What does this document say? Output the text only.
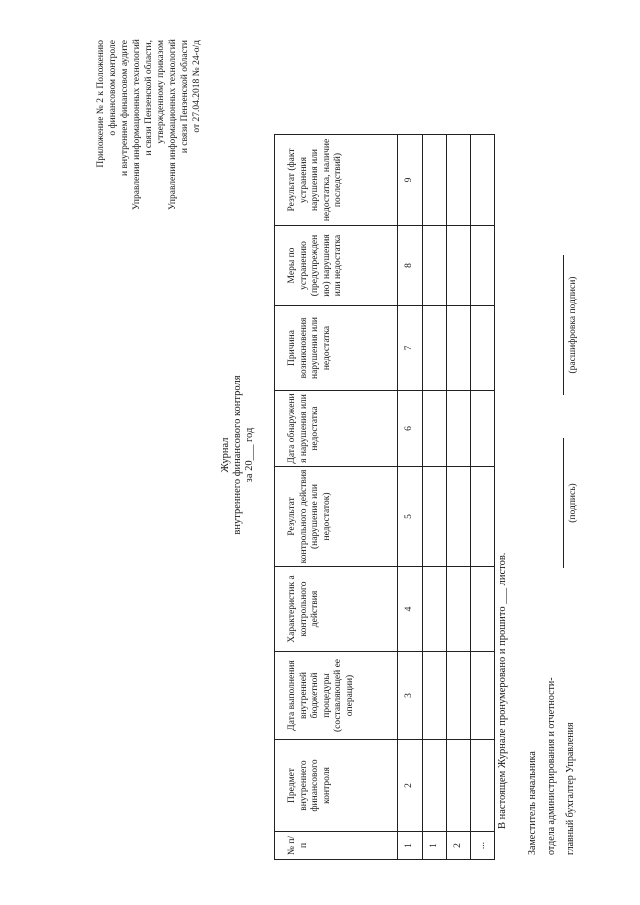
Приложение № 2 к Положению о финансовом контроле и внутреннем финансовом аудите Управления информационных технологий и связи Пензенской области, утвержденному приказом Управления информационных технологий и связи Пензенской области от 27.04.2018 № 24-о/д
Журнал внутреннего финансового контроля за 20___ год
№ п/п	Предмет внутреннего финансового контроля	Дата выполнения внутренней бюджетной процедуры (составляющей ее операции)	Характеристик а контрольного действия	Результат контрольного действия (нарушение или недостаток)	Дата обнаружени я нарушения или недостатка	Причина возникновения нарушения или недостатка	Меры по устранению (предупрежден ию) нарушения или недостатка	Результат (факт устранения нарушения или недостатка, наличие последствий)

1	2	3	4	5	6	7	8	9
1								
2								
...								
В настоящем Журнале пронумеровано и прошито ___ листов.	Заместитель начальника отдела администрирования и отчетности- главный бухгалтер Управления
(подпись)
(расшифровка подписи)
